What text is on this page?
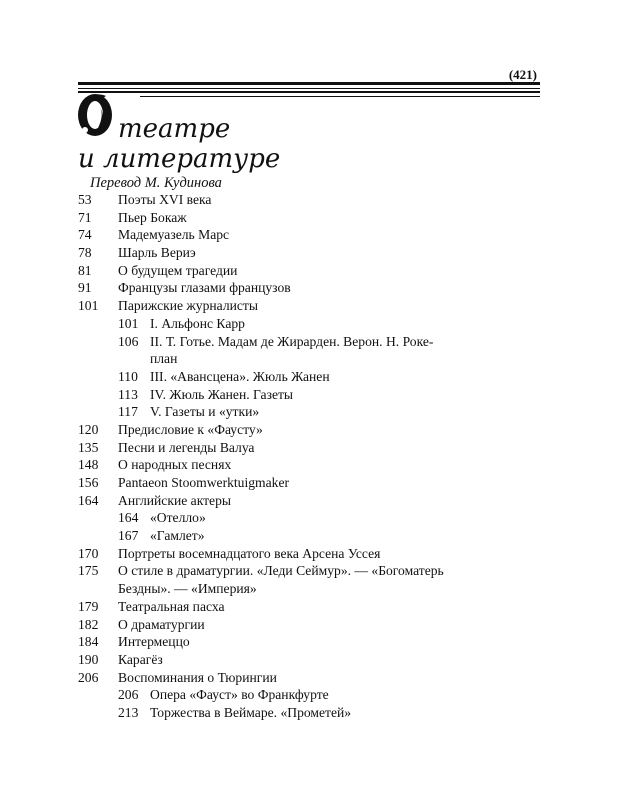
(421)
театре
и литературе
Перевод М. Кудинова
53	Поэты XVI века
71	Пьер Бокаж
74	Мадемуазель Марс
78	Шарль Вериэ
81	О будущем трагедии
91	Французы глазами французов
101	Парижские журналисты
101 I. Альфонс Карр
106 II. Т. Готье. Мадам де Жирарден. Верон. Н. Роке-
план
110 III. «Авансцена». Жюль Жанен
113 IV. Жюль Жанен. Газеты
117 V. Газеты и «утки»
120	Предисловие к «Фаусту»
135	Песни и легенды Валуа
148	О народных песнях
156	Pantaeon Stoomwerktuigmaker
164	Английские актеры
164 «Отелло»
167 «Гамлет»
170	Портреты восемнадцатого века Арсена Уссея
175	О стиле в драматургии. «Леди Сеймур». — «Богоматерь
Бездны». — «Империя»
179	Театральная пасха
182	О драматургии
184	Интермеццо
190	Карагёз
206	Воспоминания о Тюрингии
206 Опера «Фауст» во Франкфурте
213 Торжества в Веймаре. «Прометей»
